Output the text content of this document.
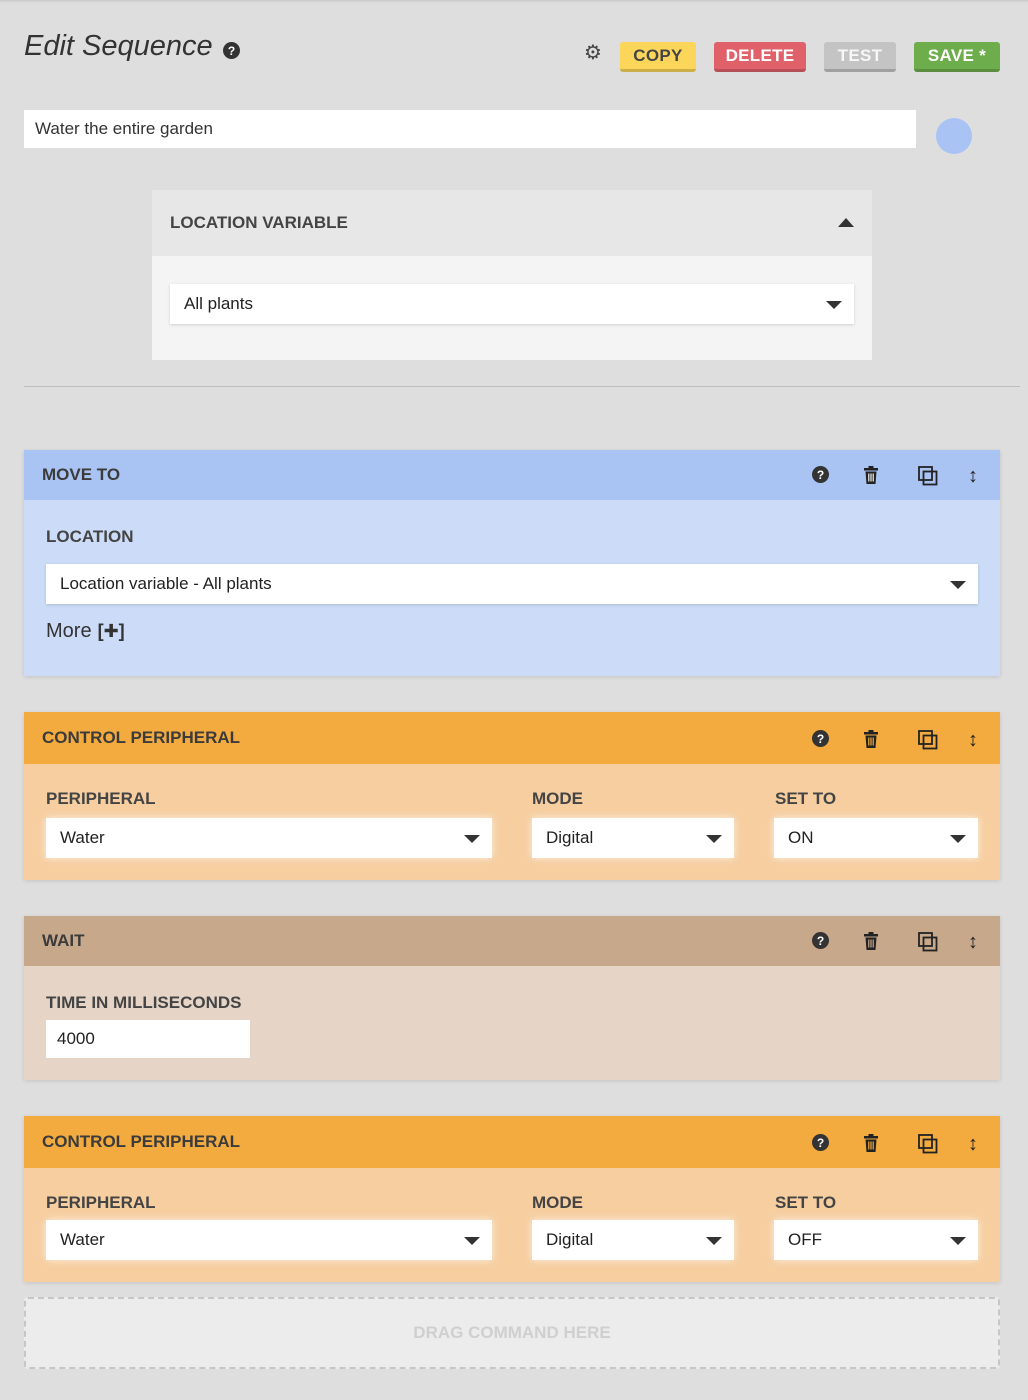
Edit Sequence	?	⚙	COPY	DELETE	TEST	SAVE *
Water the entire garden
LOCATION VARIABLE
All plants
MOVE TO	?	↕
LOCATION
Location variable - All plants
More [✚]
CONTROL PERIPHERAL	?	↕
PERIPHERAL	MODE	SET TO
Water	Digital	ON
WAIT	?	↕
TIME IN MILLISECONDS
4000
CONTROL PERIPHERAL	?	↕
PERIPHERAL	MODE	SET TO
Water	Digital	OFF
DRAG COMMAND HERE
